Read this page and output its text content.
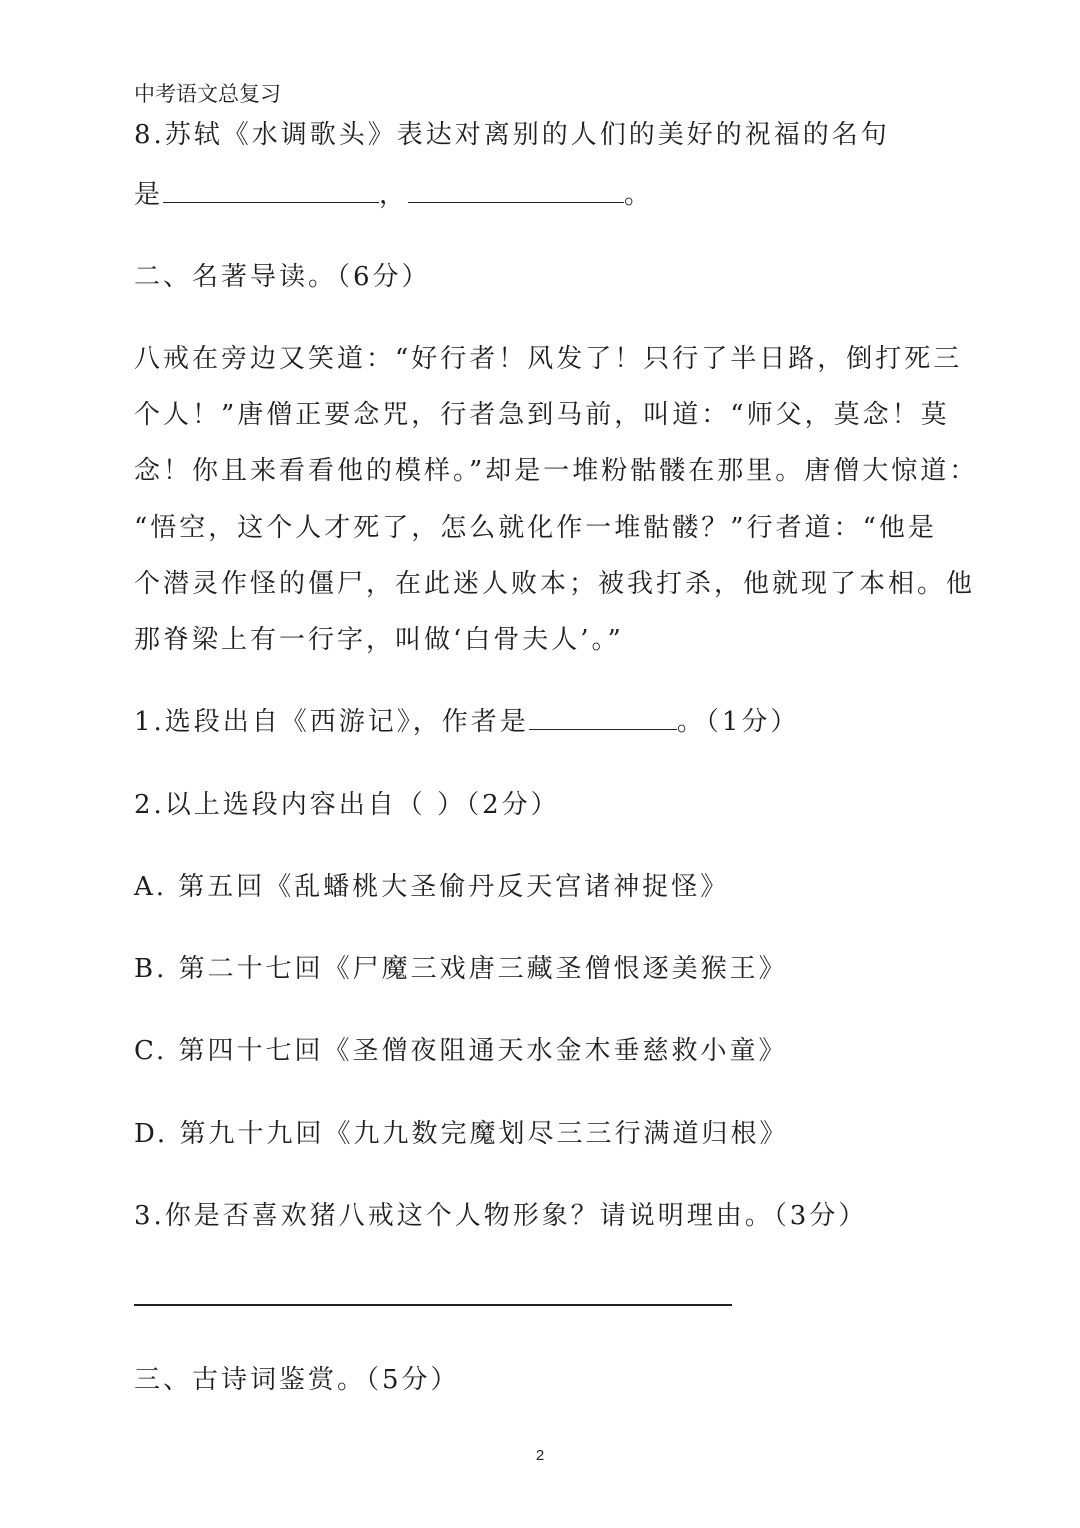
中考语文总复习

8.苏轼《水调歌头》表达对离别的人们的美好的祝福的名句

是	，	。

二、名著导读。（6分）

八戒在旁边又笑道：“好行者！风发了！只行了半日路，倒打死三

个人！”唐僧正要念咒，行者急到马前，叫道：“师父，莫念！莫

念！你且来看看他的模样。”却是一堆粉骷髅在那里。唐僧大惊道：

“悟空，这个人才死了，怎么就化作一堆骷髅？”行者道：“他是

个潜灵作怪的僵尸，在此迷人败本；被我打杀，他就现了本相。他

那脊梁上有一行字，叫做‘白骨夫人’。”

1.选段出自《西游记》，作者是	。（1分）

2.以上选段内容出自（ ）（2分）

A. 第五回《乱蟠桃大圣偷丹反天宫诸神捉怪》

B. 第二十七回《尸魔三戏唐三藏圣僧恨逐美猴王》

C. 第四十七回《圣僧夜阻通天水金木垂慈救小童》

D. 第九十九回《九九数完魔划尽三三行满道归根》

3.你是否喜欢猪八戒这个人物形象？请说明理由。（3分）

三、古诗词鉴赏。（5分）

2
